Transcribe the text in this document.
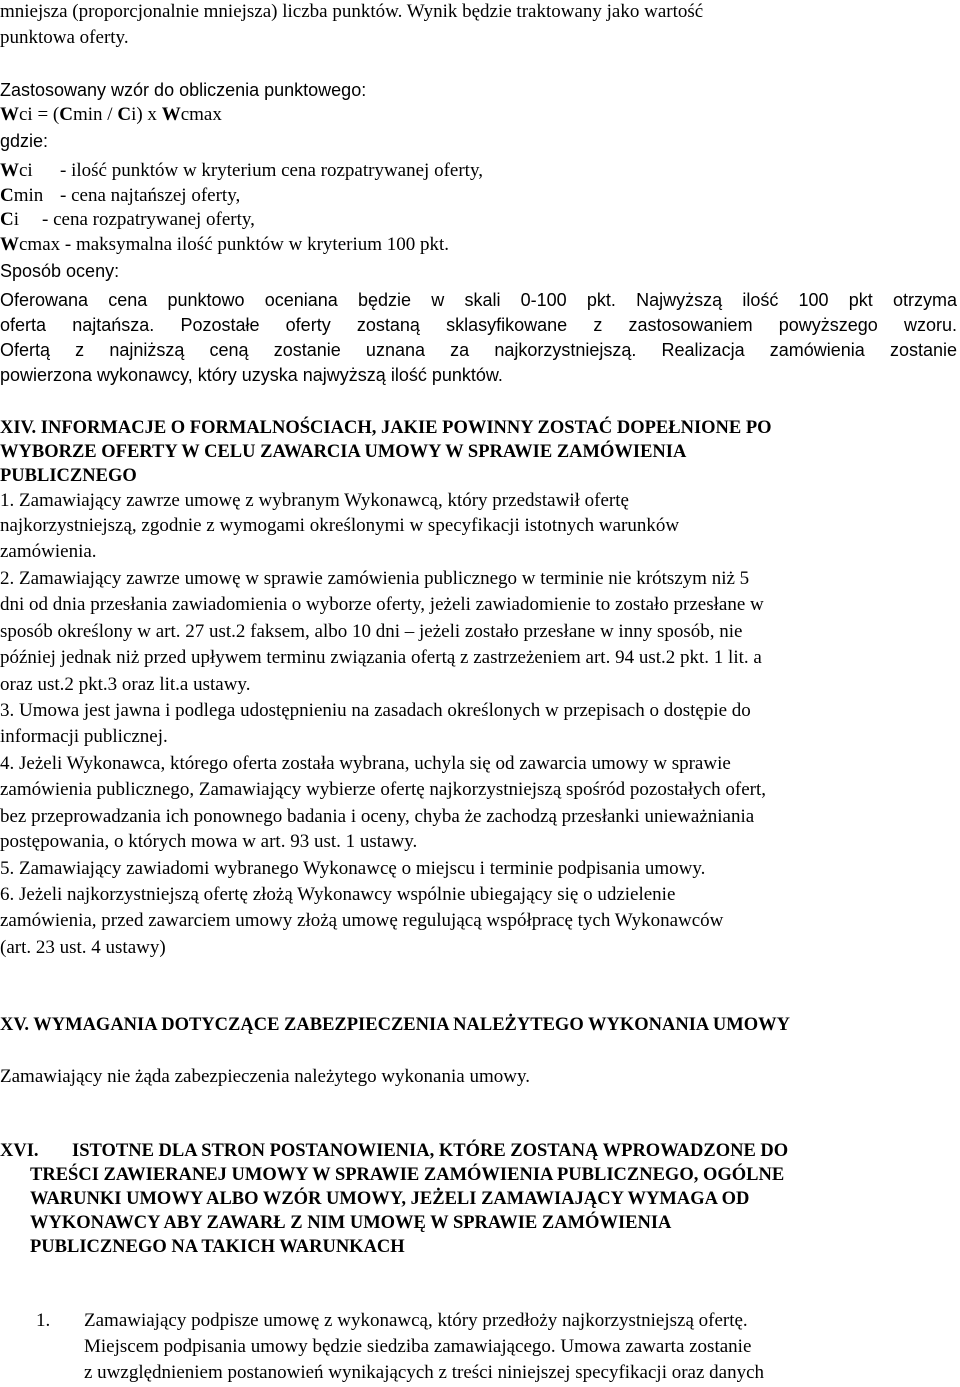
mniejsza (proporcjonalnie mniejsza) liczba punktów. Wynik będzie traktowany jako wartość
punktowa oferty.
Zastosowany wzór do obliczenia punktowego:
Wci = (Cmin / Ci) x Wcmax
gdzie:
Wci - ilość punktów w kryterium cena rozpatrywanej oferty,
Cmin - cena najtańszej oferty,
Ci - cena rozpatrywanej oferty,
Wcmax - maksymalna ilość punktów w kryterium 100 pkt.
Sposób oceny:
Oferowana cena punktowo oceniana będzie w skali 0-100 pkt. Najwyższą ilość 100 pkt otrzyma
oferta najtańsza. Pozostałe oferty zostaną sklasyfikowane z zastosowaniem powyższego wzoru.
Ofertą z najniższą ceną zostanie uznana za najkorzystniejszą. Realizacja zamówienia zostanie
powierzona wykonawcy, który uzyska najwyższą ilość punktów.
XIV. INFORMACJE O FORMALNOŚCIACH, JAKIE POWINNY ZOSTAĆ DOPEŁNIONE PO
WYBORZE OFERTY W CELU ZAWARCIA UMOWY W SPRAWIE ZAMÓWIENIA
PUBLICZNEGO
1. Zamawiający zawrze umowę z wybranym Wykonawcą, który przedstawił ofertę
najkorzystniejszą, zgodnie z wymogami określonymi w specyfikacji istotnych warunków
zamówienia.
2. Zamawiający zawrze umowę w sprawie zamówienia publicznego w terminie nie krótszym niż 5
dni od dnia przesłania zawiadomienia o wyborze oferty, jeżeli zawiadomienie to zostało przesłane w
sposób określony w art. 27 ust.2 faksem, albo 10 dni – jeżeli zostało przesłane w inny sposób, nie
później jednak niż przed upływem terminu związania ofertą z zastrzeżeniem art. 94 ust.2 pkt. 1 lit. a
oraz ust.2 pkt.3 oraz lit.a ustawy.
3. Umowa jest jawna i podlega udostępnieniu na zasadach określonych w przepisach o dostępie do
informacji publicznej.
4. Jeżeli Wykonawca, którego oferta została wybrana, uchyla się od zawarcia umowy w sprawie
zamówienia publicznego, Zamawiający wybierze ofertę najkorzystniejszą spośród pozostałych ofert,
bez przeprowadzania ich ponownego badania i oceny, chyba że zachodzą przesłanki unieważniania
postępowania, o których mowa w art. 93 ust. 1 ustawy.
5. Zamawiający zawiadomi wybranego Wykonawcę o miejscu i terminie podpisania umowy.
6. Jeżeli najkorzystniejszą ofertę złożą Wykonawcy wspólnie ubiegający się o udzielenie
zamówienia, przed zawarciem umowy złożą umowę regulującą współpracę tych Wykonawców
(art. 23 ust. 4 ustawy)
XV. WYMAGANIA DOTYCZĄCE ZABEZPIECZENIA NALEŻYTEGO WYKONANIA UMOWY
Zamawiający nie żąda zabezpieczenia należytego wykonania umowy.
XVI. ISTOTNE DLA STRON POSTANOWIENIA, KTÓRE ZOSTANĄ WPROWADZONE DO
TREŚCI ZAWIERANEJ UMOWY W SPRAWIE ZAMÓWIENIA PUBLICZNEGO, OGÓLNE
WARUNKI UMOWY ALBO WZÓR UMOWY, JEŻELI ZAMAWIAJĄCY WYMAGA OD
WYKONAWCY ABY ZAWARŁ Z NIM UMOWĘ W SPRAWIE ZAMÓWIENIA
PUBLICZNEGO NA TAKICH WARUNKACH
1. Zamawiający podpisze umowę z wykonawcą, który przedłoży najkorzystniejszą ofertę.
Miejscem podpisania umowy będzie siedziba zamawiającego. Umowa zawarta zostanie
z uwzględnieniem postanowień wynikających z treści niniejszej specyfikacji oraz danych
